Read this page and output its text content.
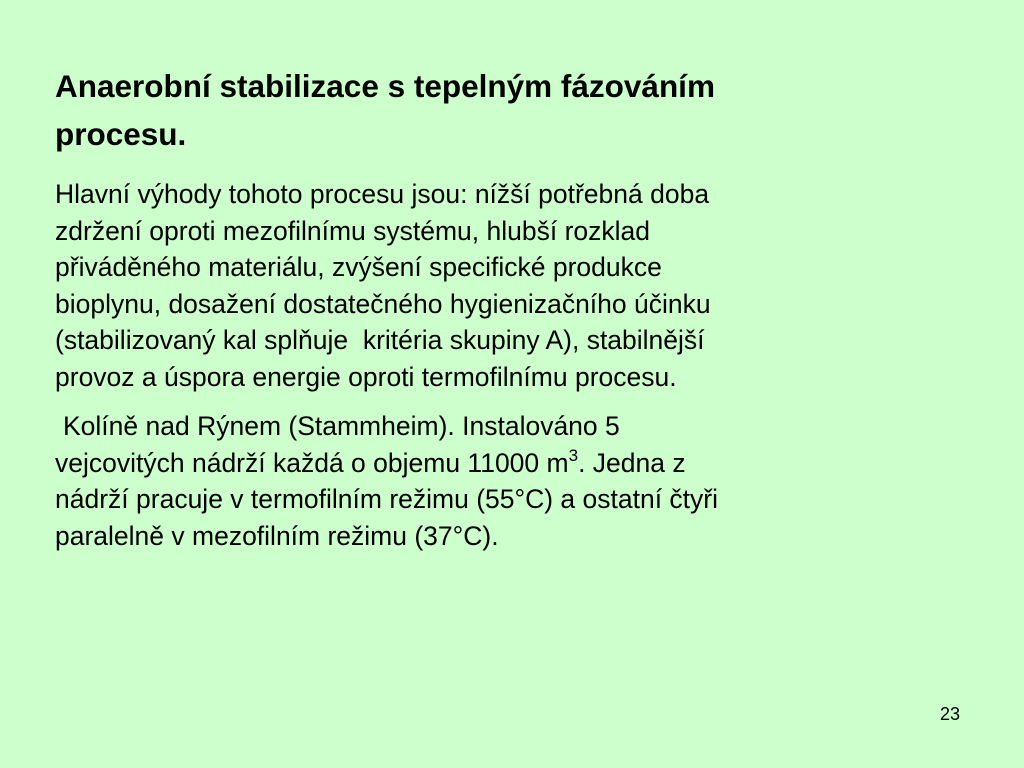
Anaerobní stabilizace s tepelným fázováním
procesu.

Hlavní výhody tohoto procesu jsou: nížší potřebná doba
zdržení oproti mezofilnímu systému, hlubší rozklad
přiváděného materiálu, zvýšení specifické produkce
bioplynu, dosažení dostatečného hygienizačního účinku
(stabilizovaný kal splňuje  kritéria skupiny A), stabilnější
provoz a úspora energie oproti termofilnímu procesu.

Kolíně nad Rýnem (Stammheim). Instalováno 5
vejcovitých nádrží každá o objemu 11000 $m^3$. Jedna z
nádrží pracuje v termofilním režimu (55°C) a ostatní čtyři
paralelně v mezofilním režimu (37°C).

23
